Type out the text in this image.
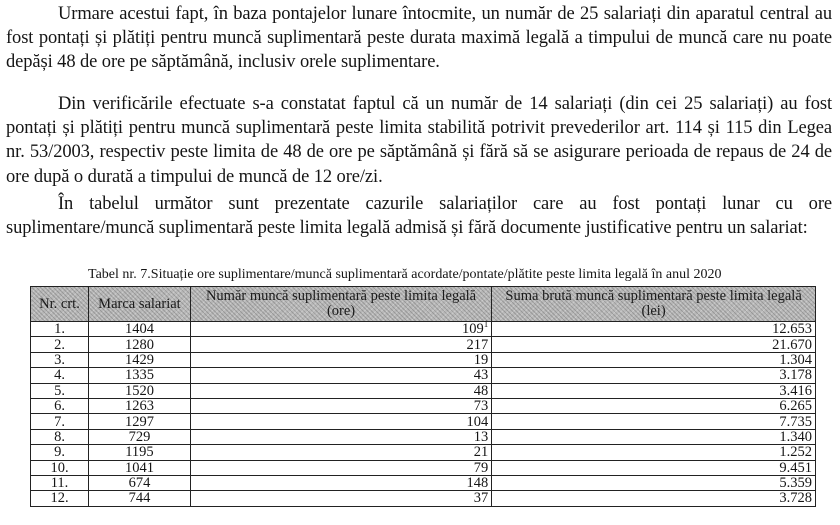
Urmare acestui fapt, în baza pontajelor lunare întocmite, un număr de 25 salariați din aparatul central au fost pontați și plătiți pentru muncă suplimentară peste durata maximă legală a timpului de muncă care nu poate depăși 48 de ore pe săptămână, inclusiv orele suplimentare.

Din verificările efectuate s-a constatat faptul că un număr de 14 salariați (din cei 25 salariați) au fost pontați și plătiți pentru muncă suplimentară peste limita stabilită potrivit prevederilor art. 114 și 115 din Legea nr. 53/2003, respectiv peste limita de 48 de ore pe săptămână și fără să se asigurare perioada de repaus de 24 de ore după o durată a timpului de muncă de 12 ore/zi.

În tabelul următor sunt prezentate cazurile salariaților care au fost pontați lunar cu ore suplimentare/muncă suplimentară peste limita legală admisă și fără documente justificative pentru un salariat:

Tabel nr. 7.Situație ore suplimentare/muncă suplimentară acordate/pontate/plătite peste limita legală în anul 2020
Nr. crt.	Marca salariat	Număr muncă suplimentară peste limita legală (ore)	Suma brută muncă suplimentară peste limita legală (lei)
1.	1404	$109^1$	12.653
2.	1280	217	21.670
3.	1429	19	1.304
4.	1335	43	3.178
5.	1520	48	3.416
6.	1263	73	6.265
7.	1297	104	7.735
8.	729	13	1.340
9.	1195	21	1.252
10.	1041	79	9.451
11.	674	148	5.359
12.	744	37	3.728
